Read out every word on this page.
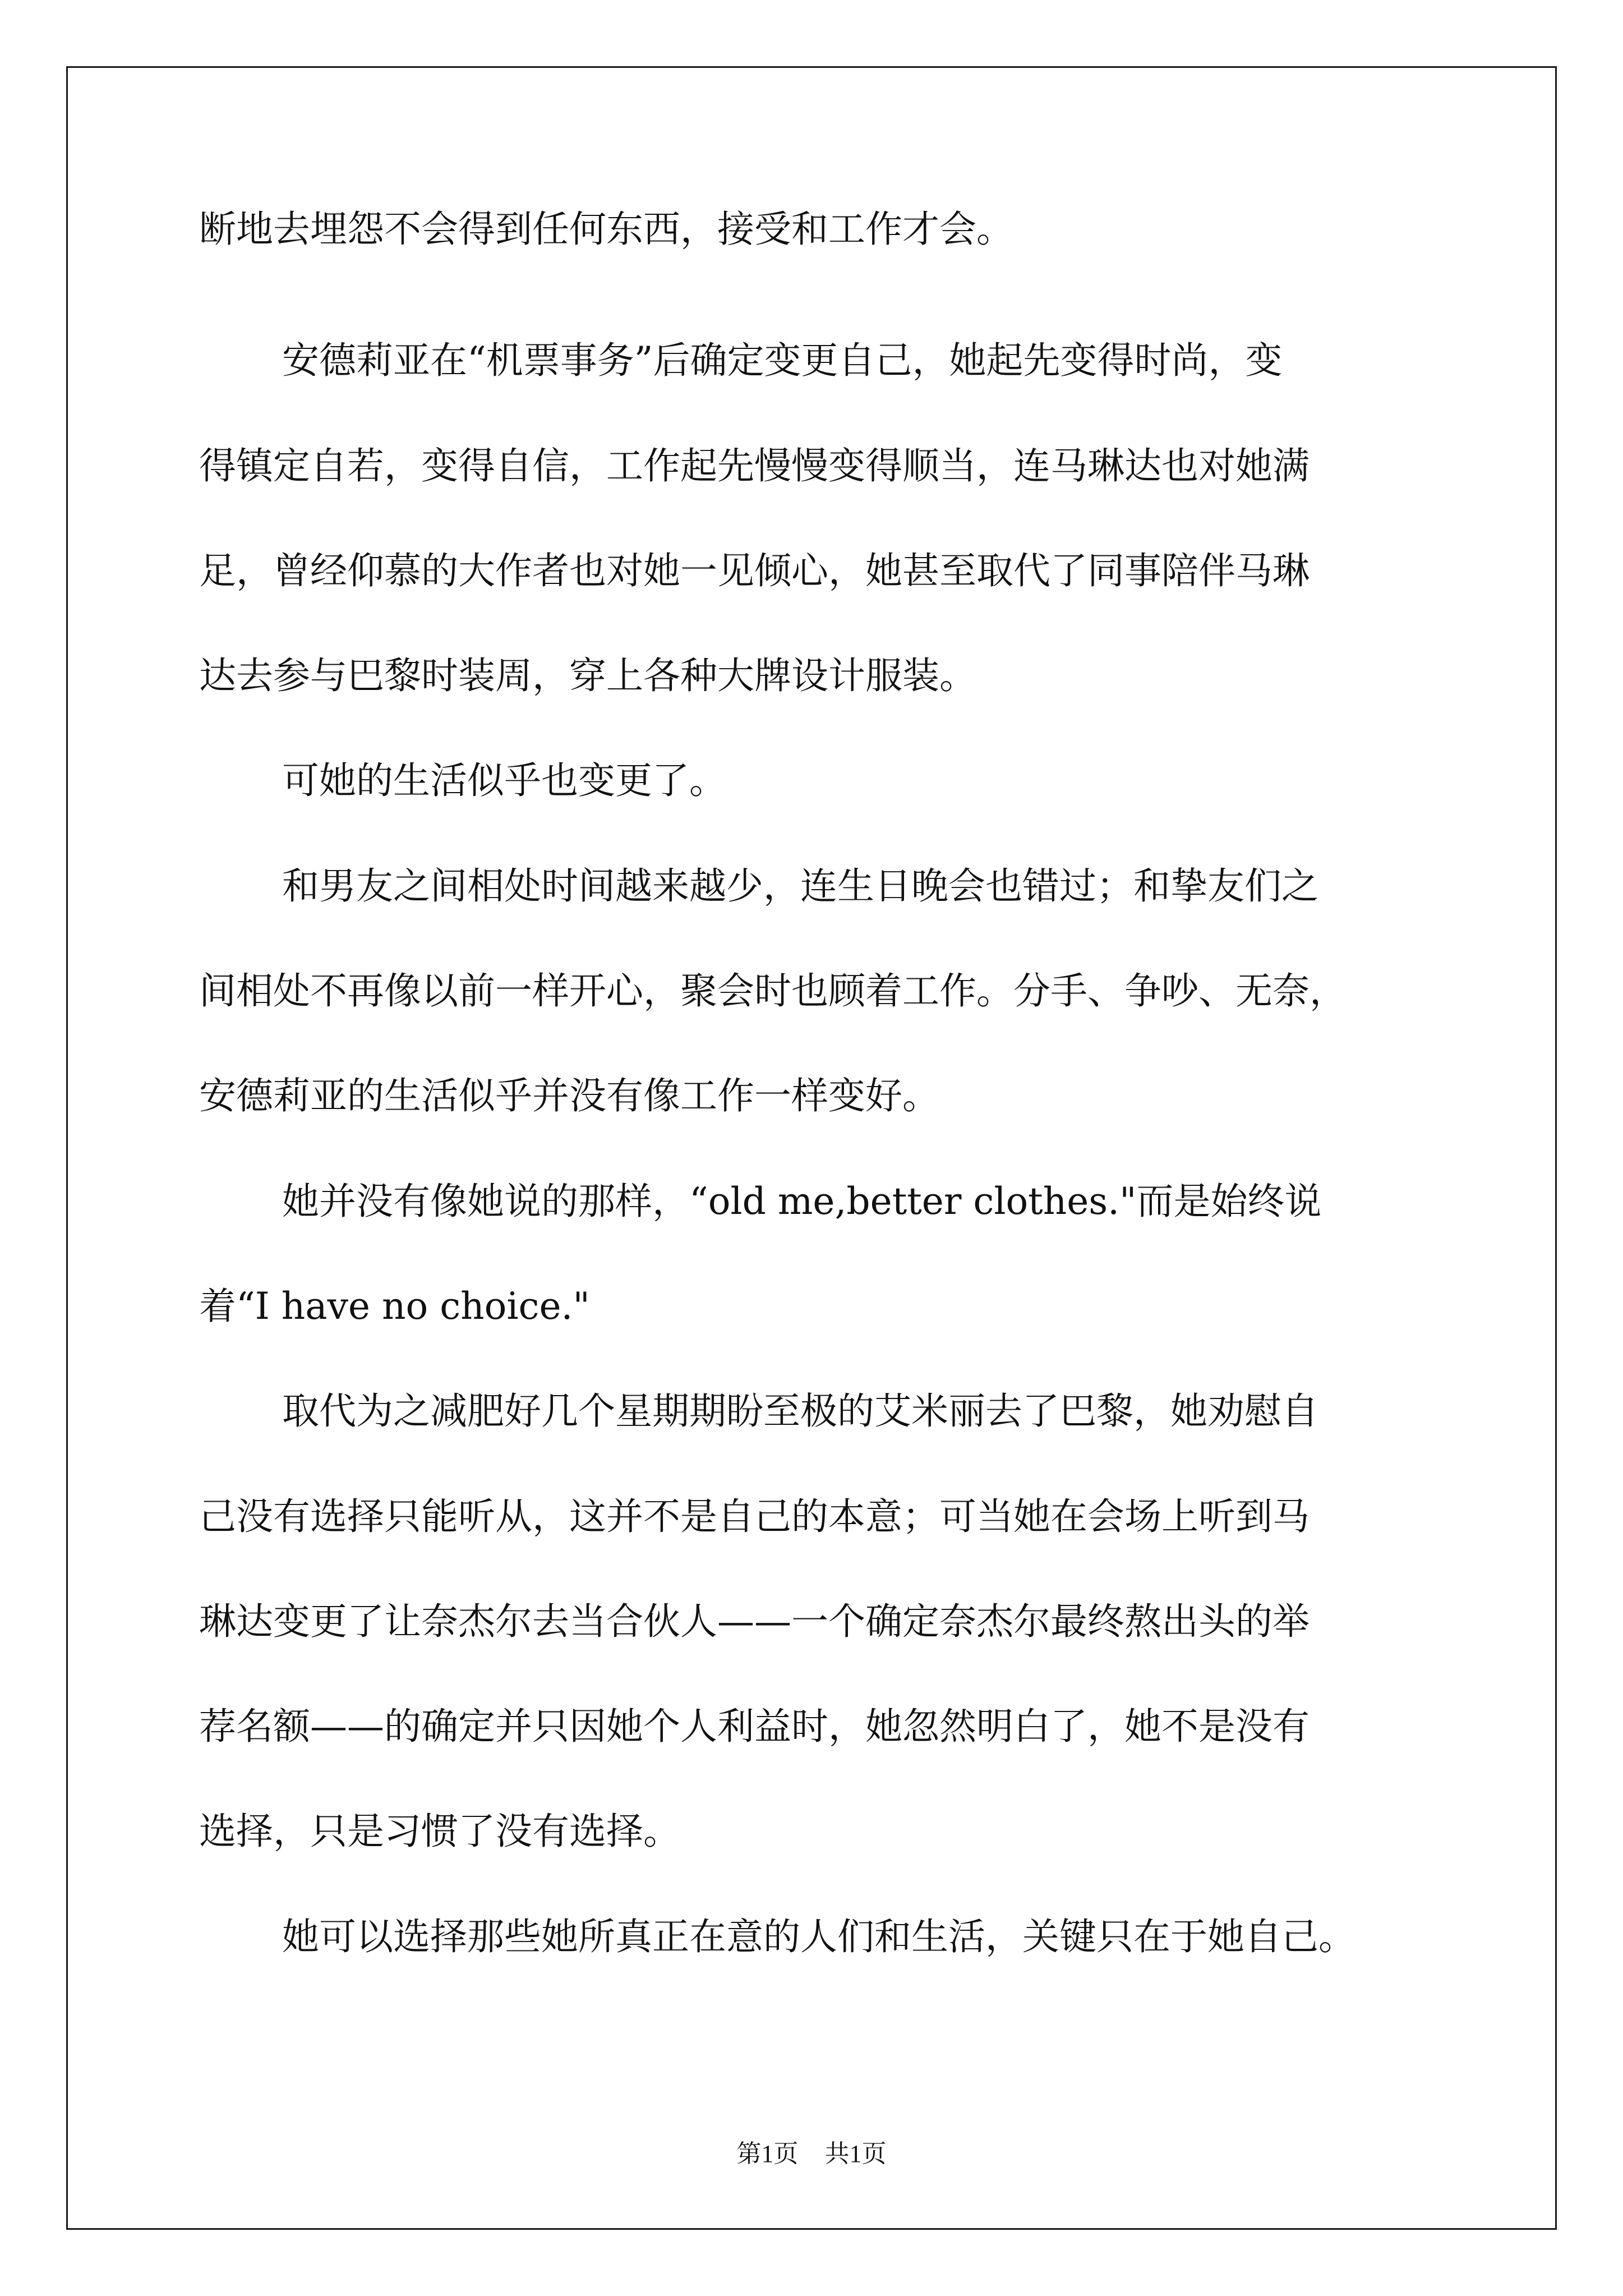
断地去埋怨不会得到任何东西，接受和工作才会。
安德莉亚在“机票事务”后确定变更自己，她起先变得时尚，变
得镇定自若，变得自信，工作起先慢慢变得顺当，连马琳达也对她满
足，曾经仰慕的大作者也对她一见倾心，她甚至取代了同事陪伴马琳
达去参与巴黎时装周，穿上各种大牌设计服装。
可她的生活似乎也变更了。
和男友之间相处时间越来越少，连生日晚会也错过；和挚友们之
间相处不再像以前一样开心，聚会时也顾着工作。分手、争吵、无奈，
安德莉亚的生活似乎并没有像工作一样变好。
她并没有像她说的那样，“old me,better clothes."而是始终说
着“I have no choice."
取代为之减肥好几个星期期盼至极的艾米丽去了巴黎，她劝慰自
己没有选择只能听从，这并不是自己的本意；可当她在会场上听到马
琳达变更了让奈杰尔去当合伙人——一个确定奈杰尔最终熬出头的举
荐名额——的确定并只因她个人利益时，她忽然明白了，她不是没有
选择，只是习惯了没有选择。
她可以选择那些她所真正在意的人们和生活，关键只在于她自己。
第1页 共1页
